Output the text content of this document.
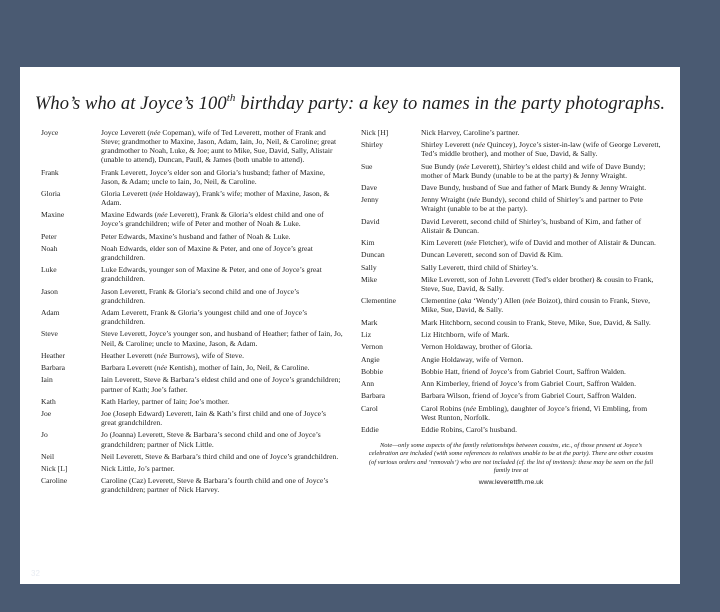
Who’s who at Joyce’s 100th birthday party: a key to names in the party photographs.
Joyce	Joyce Leverett (née Copeman), wife of Ted Leverett, mother of Frank and Steve; grandmother to Maxine, Jason, Adam, Iain, Jo, Neil, & Caroline; great grandmother to Noah, Luke, & Joe; aunt to Mike, Sue, David, Sally, Alistair (unable to attend), Duncan, Paull, & James (both unable to attend).
Frank	Frank Leverett, Joyce’s elder son and Gloria’s husband; father of Maxine, Jason, & Adam; uncle to Iain, Jo, Neil, & Caroline.
Gloria	Gloria Leverett (née Holdaway), Frank’s wife; mother of Maxine, Jason, & Adam.
Maxine	Maxine Edwards (née Leverett), Frank & Gloria’s eldest child and one of Joyce’s grandchildren; wife of Peter and mother of Noah & Luke.
Peter	Peter Edwards, Maxine’s husband and father of Noah & Luke.
Noah	Noah Edwards, elder son of Maxine & Peter, and one of Joyce’s great grandchildren.
Luke	Luke Edwards, younger son of Maxine & Peter, and one of Joyce’s great grandchildren.
Jason	Jason Leverett, Frank & Gloria’s second child and one of Joyce’s grandchildren.
Adam	Adam Leverett, Frank & Gloria’s youngest child and one of Joyce’s grandchildren.
Steve	Steve Leverett, Joyce’s younger son, and husband of Heather; father of Iain, Jo, Neil, & Caroline; uncle to Maxine, Jason, & Adam.
Heather	Heather Leverett (née Burrows), wife of Steve.
Barbara	Barbara Leverett (née Kentish), mother of Iain, Jo, Neil, & Caroline.
Iain	Iain Leverett, Steve & Barbara’s eldest child and one of Joyce’s grandchildren; partner of Kath; Joe’s father.
Kath	Kath Harley, partner of Iain; Joe’s mother.
Joe	Joe (Joseph Edward) Leverett, Iain & Kath’s first child and one of Joyce’s great grandchildren.
Jo	Jo (Joanna) Leverett, Steve & Barbara’s second child and one of Joyce’s grandchildren; partner of Nick Little.
Neil	Neil Leverett, Steve & Barbara’s third child and one of Joyce’s grandchildren.
Nick [L]	Nick Little, Jo’s partner.
Caroline	Caroline (Caz) Leverett, Steve & Barbara’s fourth child and one of Joyce’s grandchildren; partner of Nick Harvey.
Nick [H]	Nick Harvey, Caroline’s partner.
Shirley	Shirley Leverett (née Quincey), Joyce’s sister-in-law (wife of George Leverett, Ted’s middle brother), and mother of Sue, David, & Sally.
Sue	Sue Bundy (née Leverett), Shirley’s eldest child and wife of Dave Bundy; mother of Mark Bundy (unable to be at the party) & Jenny Wraight.
Dave	Dave Bundy, husband of Sue and father of Mark Bundy & Jenny Wraight.
Jenny	Jenny Wraight (née Bundy), second child of Shirley’s and partner to Pete Wraight (unable to be at the party).
David	David Leverett, second child of Shirley’s, husband of Kim, and father of Alistair & Duncan.
Kim	Kim Leverett (née Fletcher), wife of David and mother of Alistair & Duncan.
Duncan	Duncan Leverett, second son of David & Kim.
Sally	Sally Leverett, third child of Shirley’s.
Mike	Mike Leverett, son of John Leverett (Ted’s elder brother) & cousin to Frank, Steve, Sue, David, & Sally.
Clementine	Clementine (aka ‘Wendy’) Allen (née Boizot), third cousin to Frank, Steve, Mike, Sue, David, & Sally.
Mark	Mark Hitchborn, second cousin to Frank, Steve, Mike, Sue, David, & Sally.
Liz	Liz Hitchborn, wife of Mark.
Vernon	Vernon Holdaway, brother of Gloria.
Angie	Angie Holdaway, wife of Vernon.
Bobbie	Bobbie Hatt, friend of Joyce’s from Gabriel Court, Saffron Walden.
Ann	Ann Kimberley, friend of Joyce’s from Gabriel Court, Saffron Walden.
Barbara	Barbara Wilson, friend of Joyce’s from Gabriel Court, Saffron Walden.
Carol	Carol Robins (née Embling), daughter of Joyce’s friend, Vi Embling, from West Runton, Norfolk.
Eddie	Eddie Robins, Carol’s husband.
Note—only some aspects of the family relationships between cousins, etc., of those present at Joyce’s celebration are included (with some references to relatives unable to be at the party). There are other cousins (of various orders and ‘removals’) who are not included (cf. the list of invitees): these may be seen on the full family tree at
www.leverettfh.me.uk
32
